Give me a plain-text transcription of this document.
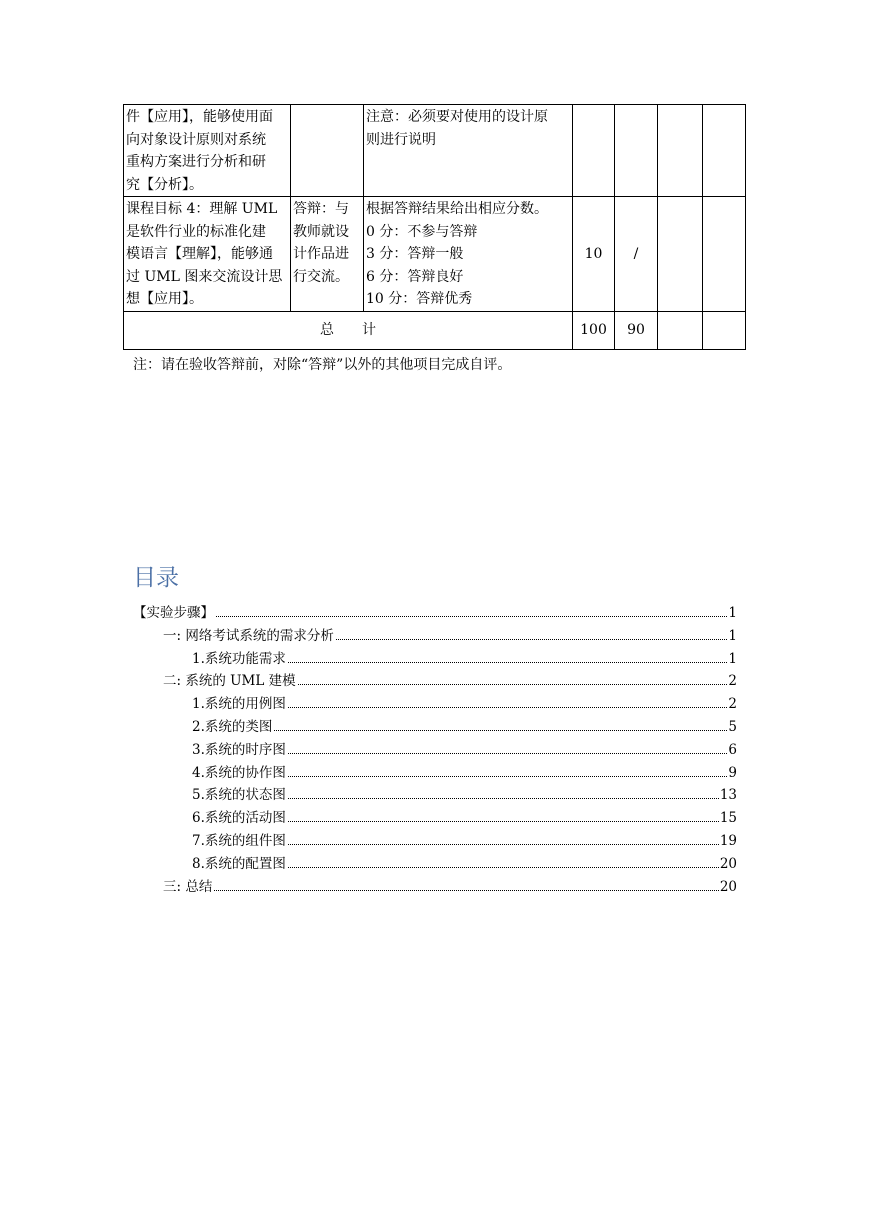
件【应用】，能够使用面
向对象设计原则对系统
重构方案进行分析和研
究【分析】。		注意：必须要对使用的设计原
则进行说明				

课程目标 4：理解 UML
是软件行业的标准化建
模语言【理解】，能够通
过 UML 图来交流设计思
想【应用】。	答辩：与
教师就设
计作品进
行交流。	根据答辩结果给出相应分数。
0 分：不参与答辩
3 分：答辩一般
6 分：答辩良好
10 分：答辩优秀	10	/		
总 计			100	90		
注：请在验收答辩前，对除“答辩”以外的其他项目完成自评。
目录
【实验步骤】	1
一: 网络考试系统的需求分析	1
1.系统功能需求	1
二: 系统的 UML 建模	2
1.系统的用例图	2
2.系统的类图	5
3.系统的时序图	6
4.系统的协作图	9
5.系统的状态图	13
6.系统的活动图	15
7.系统的组件图	19
8.系统的配置图	20
三: 总结	20
